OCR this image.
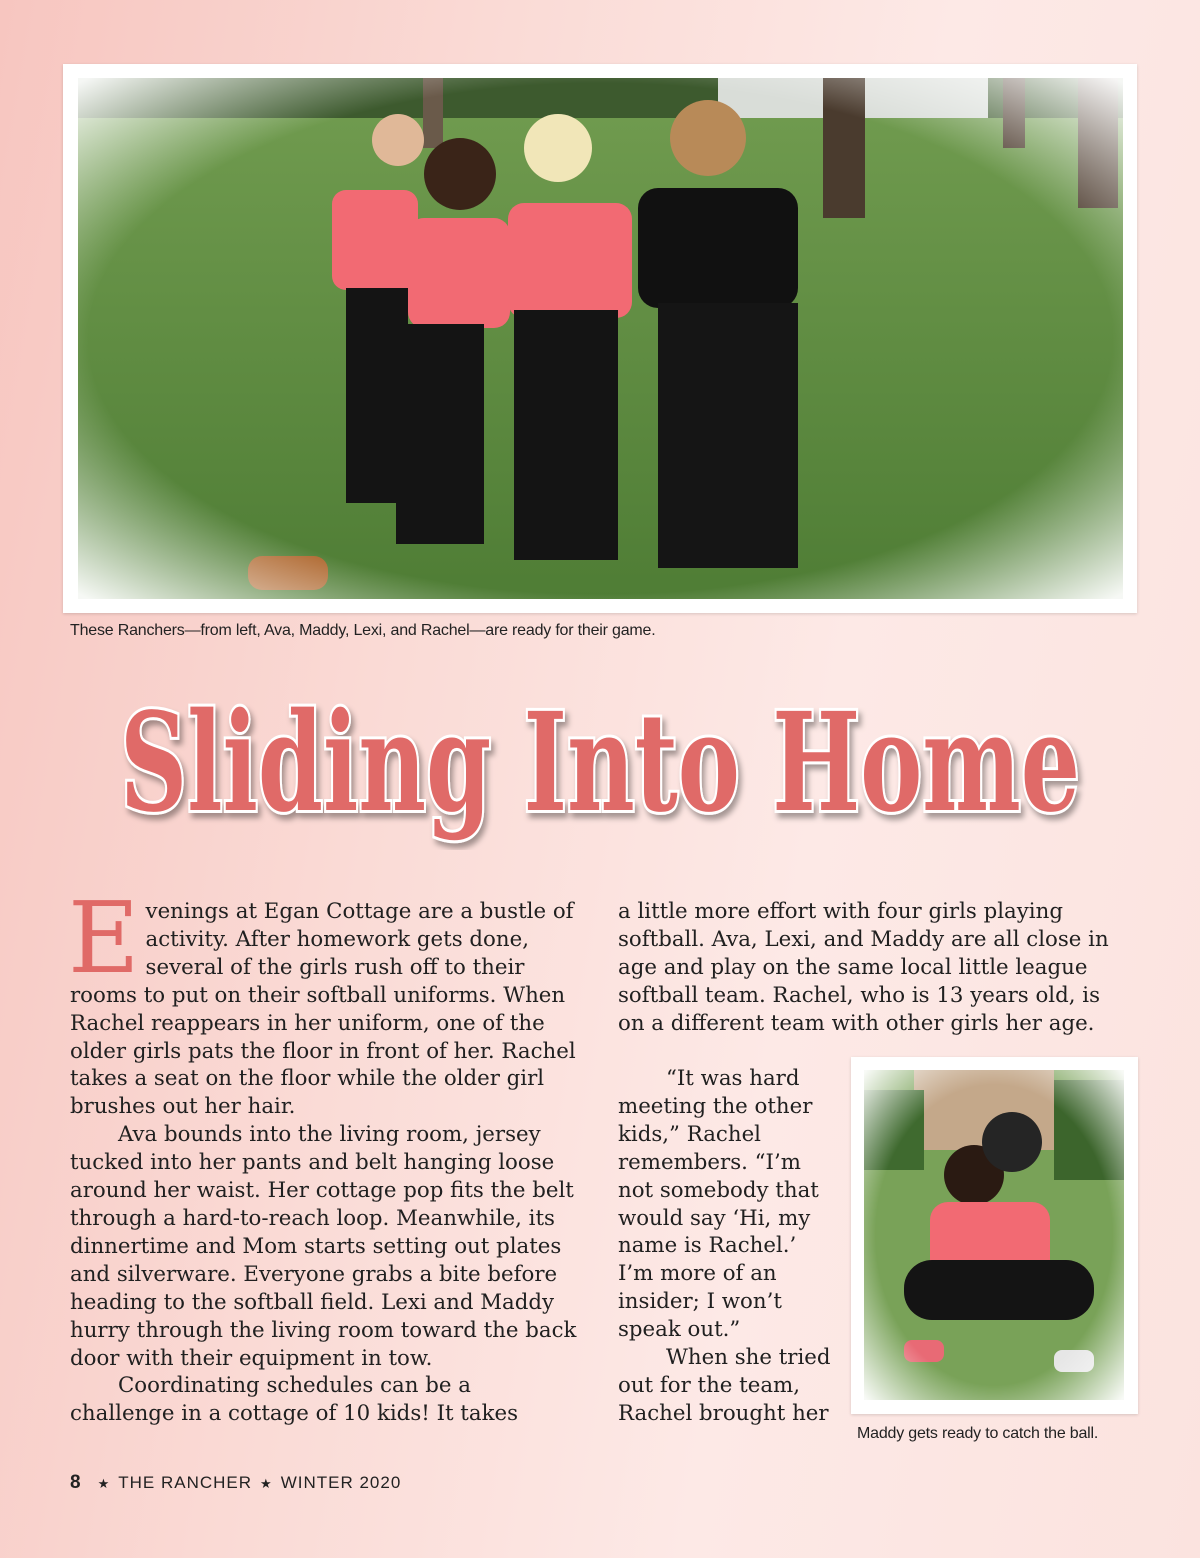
These Ranchers—from left, Ava, Maddy, Lexi, and Rachel—are ready for their game.
Sliding Into Home

Evenings at Egan Cottage are a bustle of activity. After homework gets done, several of the girls rush off to their rooms to put on their softball uniforms. When Rachel reappears in her uniform, one of the older girls pats the floor in front of her. Rachel takes a seat on the floor while the older girl brushes out her hair.

Ava bounds into the living room, jersey tucked into her pants and belt hanging loose around her waist. Her cottage pop fits the belt through a hard-to-reach loop. Meanwhile, its dinnertime and Mom starts setting out plates and silverware. Everyone grabs a bite before heading to the softball field. Lexi and Maddy hurry through the living room toward the back door with their equipment in tow.

Coordinating schedules can be a challenge in a cottage of 10 kids! It takes

a little more effort with four girls playing softball. Ava, Lexi, and Maddy are all close in age and play on the same local little league softball team. Rachel, who is 13 years old, is on a different team with other girls her age.

“It was hard meeting the other kids,” Rachel remembers. “I’m not somebody that would say ‘Hi, my name is Rachel.’ I’m more of an insider; I won’t speak out.”

When she tried out for the team, Rachel brought her

Maddy gets ready to catch the ball.
8 ★ THE RANCHER ★ WINTER 2020
